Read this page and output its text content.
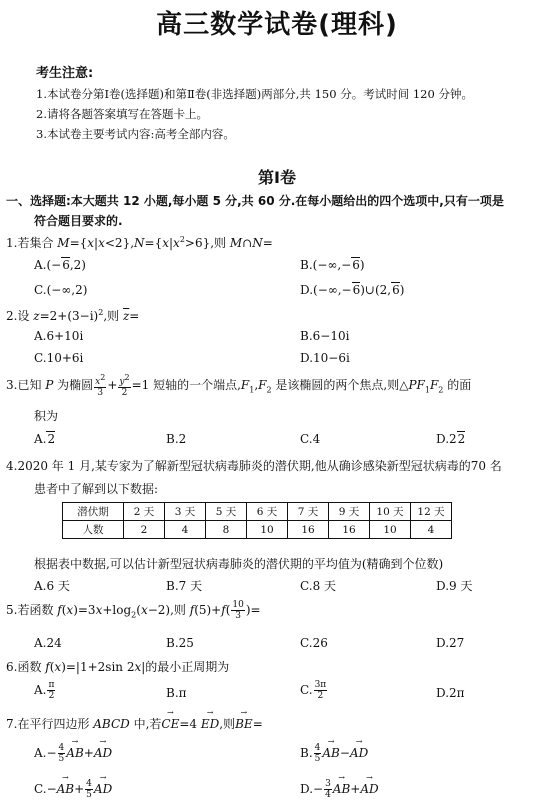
高三数学试卷(理科)
考生注意:
1.本试卷分第Ⅰ卷(选择题)和第Ⅱ卷(非选择题)两部分,共 150 分。考试时间 120 分钟。
2.请将各题答案填写在答题卡上。
3.本试卷主要考试内容:高考全部内容。
第Ⅰ卷
一、选择题:本大题共 12 小题,每小题 5 分,共 60 分.在每小题给出的四个选项中,只有一项是
符合题目要求的.
1.若集合 $M=\{x|x<2\},N=\{x|x^2>6\}$,则 M∩N=
A.(−6,2)	B.(−∞,−6)
C.(−∞,2)	D.(−∞,−6)∪(2,6)
2.设 $z=2+(3-i)^2$,则 $\overline{z}=$
A.6+10i	B.6−10i
C.10+6i	D.10−6i
3.已知 P 为椭圆 $\frac{x^2}{3} + \frac{y^2}{2} =1$ 短轴的一个端点$,F_1,F_2$ 是该椭圆的两个焦点,则$\triangle PF_1F_2$ 的面
积为
A.2	B.2	C.4	D.22
4.2020 年 1 月,某专家为了解新型冠状病毒肺炎的潜伏期,他从确诊感染新型冠状病毒的70 名
患者中了解到以下数据:
潜伏期	2 天	3 天	5 天	6 天	7 天	9 天	10 天	12 天
人数	2	4	8	10	16	16	10	4
根据表中数据,可以估计新型冠状病毒肺炎的潜伏期的平均值为(精确到个位数)
A.6 天	B.7 天	C.8 天	D.9 天
5.若函数 $f(x)=3x+\log_2(x-2)$,则 $f(5)+f( \frac{10}{3}$ )=
A.24	B.25	C.26	D.27
6.函数 f(x)=|1+2sin 2x|的最小正周期为
A. $\frac{\pi}{2}$	B.π	C. $\frac{3\pi}{2}$	D.2π
7.在平行四边形 ABCD 中,若→ CE=4 → ED,则→ BE=
$A.- \frac{4}{5} \to AB+\to$ AD	B. $\frac{4}{5} \to AB-\to$ AD
$C.-\to AB+ \frac{4}{5}$ → AD	$D.- \frac{3}{4} \to AB+\to$ AD
